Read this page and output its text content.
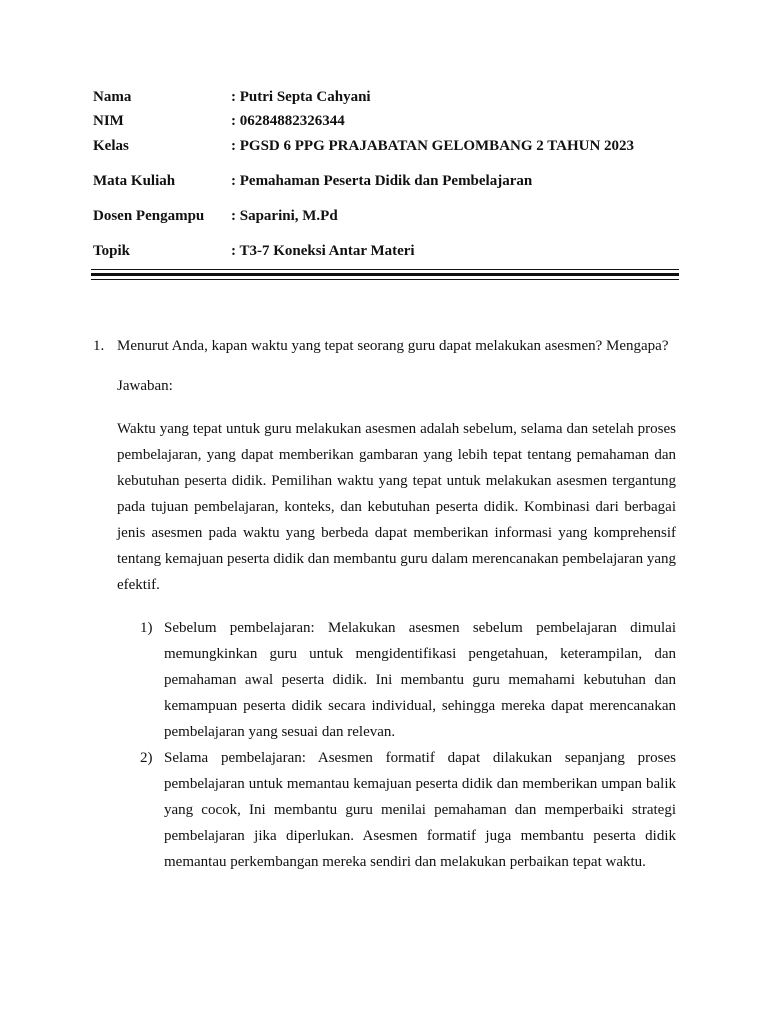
Nama	: Putri Septa Cahyani
NIM	: 06284882326344
Kelas	: PGSD 6 PPG PRAJABATAN GELOMBANG 2 TAHUN 2023
Mata Kuliah	: Pemahaman Peserta Didik dan Pembelajaran
Dosen Pengampu	: Saparini, M.Pd
Topik	: T3-7 Koneksi Antar Materi
1. Menurut Anda, kapan waktu yang tepat seorang guru dapat melakukan asesmen? Mengapa?
Jawaban:
Waktu yang tepat untuk guru melakukan asesmen adalah sebelum, selama dan setelah proses pembelajaran, yang dapat memberikan gambaran yang lebih tepat tentang pemahaman dan kebutuhan peserta didik. Pemilihan waktu yang tepat untuk melakukan asesmen tergantung pada tujuan pembelajaran, konteks, dan kebutuhan peserta didik. Kombinasi dari berbagai jenis asesmen pada waktu yang berbeda dapat memberikan informasi yang komprehensif tentang kemajuan peserta didik dan membantu guru dalam merencanakan pembelajaran yang efektif.
1) Sebelum pembelajaran: Melakukan asesmen sebelum pembelajaran dimulai memungkinkan guru untuk mengidentifikasi pengetahuan, keterampilan, dan pemahaman awal peserta didik. Ini membantu guru memahami kebutuhan dan kemampuan peserta didik secara individual, sehingga mereka dapat merencanakan pembelajaran yang sesuai dan relevan.
2) Selama pembelajaran: Asesmen formatif dapat dilakukan sepanjang proses pembelajaran untuk memantau kemajuan peserta didik dan memberikan umpan balik yang cocok, Ini membantu guru menilai pemahaman dan memperbaiki strategi pembelajaran jika diperlukan. Asesmen formatif juga membantu peserta didik memantau perkembangan mereka sendiri dan melakukan perbaikan tepat waktu.
